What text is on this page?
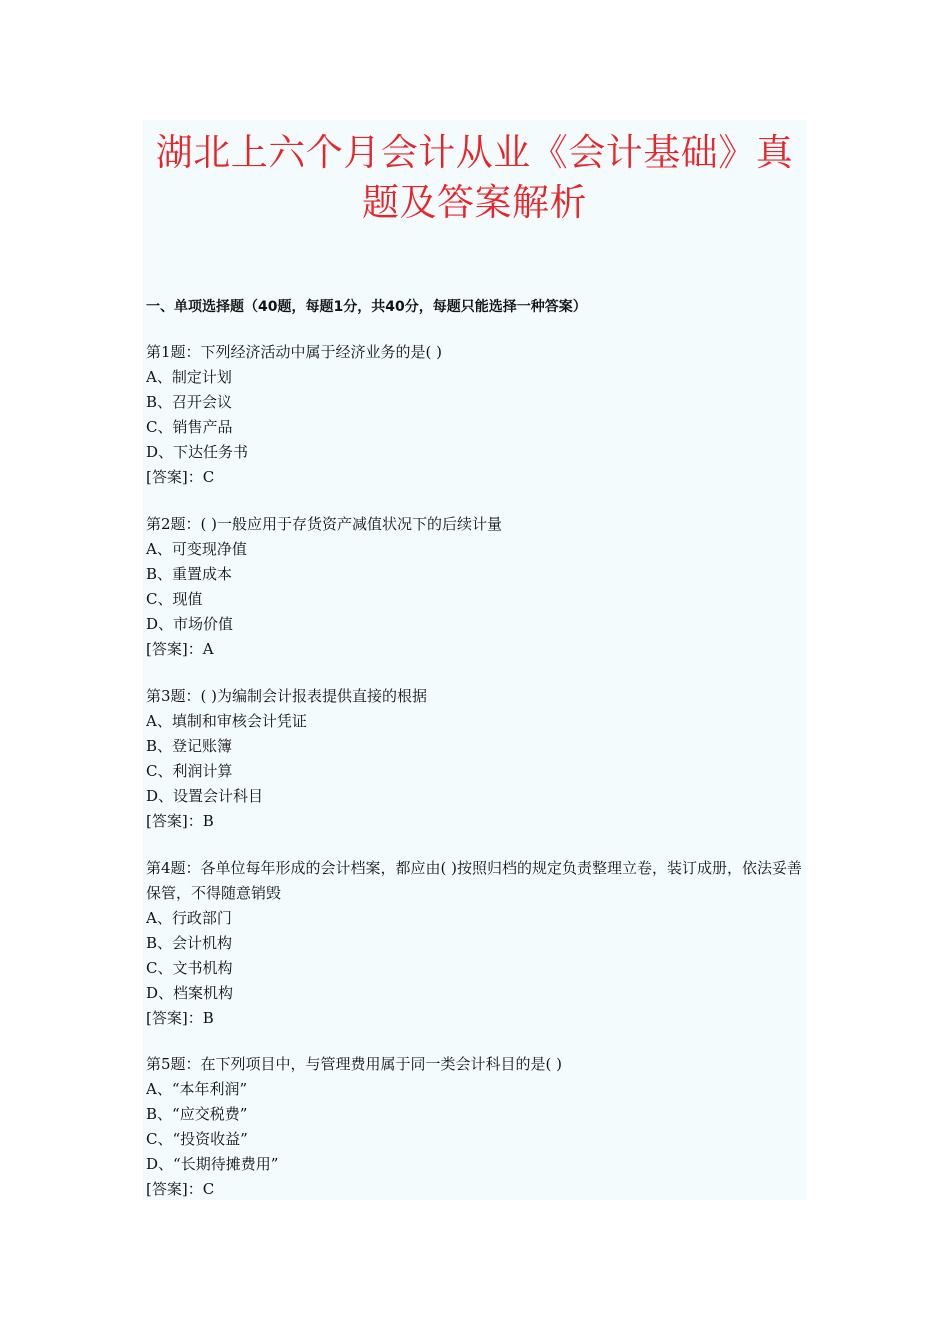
湖北上六个月会计从业《会计基础》真题及答案解析
一、单项选择题（40题，每题1分，共40分，每题只能选择一种答案）
第1题：下列经济活动中属于经济业务的是( )
A、制定计划
B、召开会议
C、销售产品
D、下达任务书
[答案]：C
第2题：( )一般应用于存货资产减值状况下的后续计量
A、可变现净值
B、重置成本
C、现值
D、市场价值
[答案]：A
第3题：( )为编制会计报表提供直接的根据
A、填制和审核会计凭证
B、登记账簿
C、利润计算
D、设置会计科目
[答案]：B
第4题：各单位每年形成的会计档案，都应由( )按照归档的规定负责整理立卷，装订成册，依法妥善保管，不得随意销毁
A、行政部门
B、会计机构
C、文书机构
D、档案机构
[答案]：B
第5题：在下列项目中，与管理费用属于同一类会计科目的是( )
A、“本年利润”
B、“应交税费”
C、“投资收益”
D、“长期待摊费用”
[答案]：C
